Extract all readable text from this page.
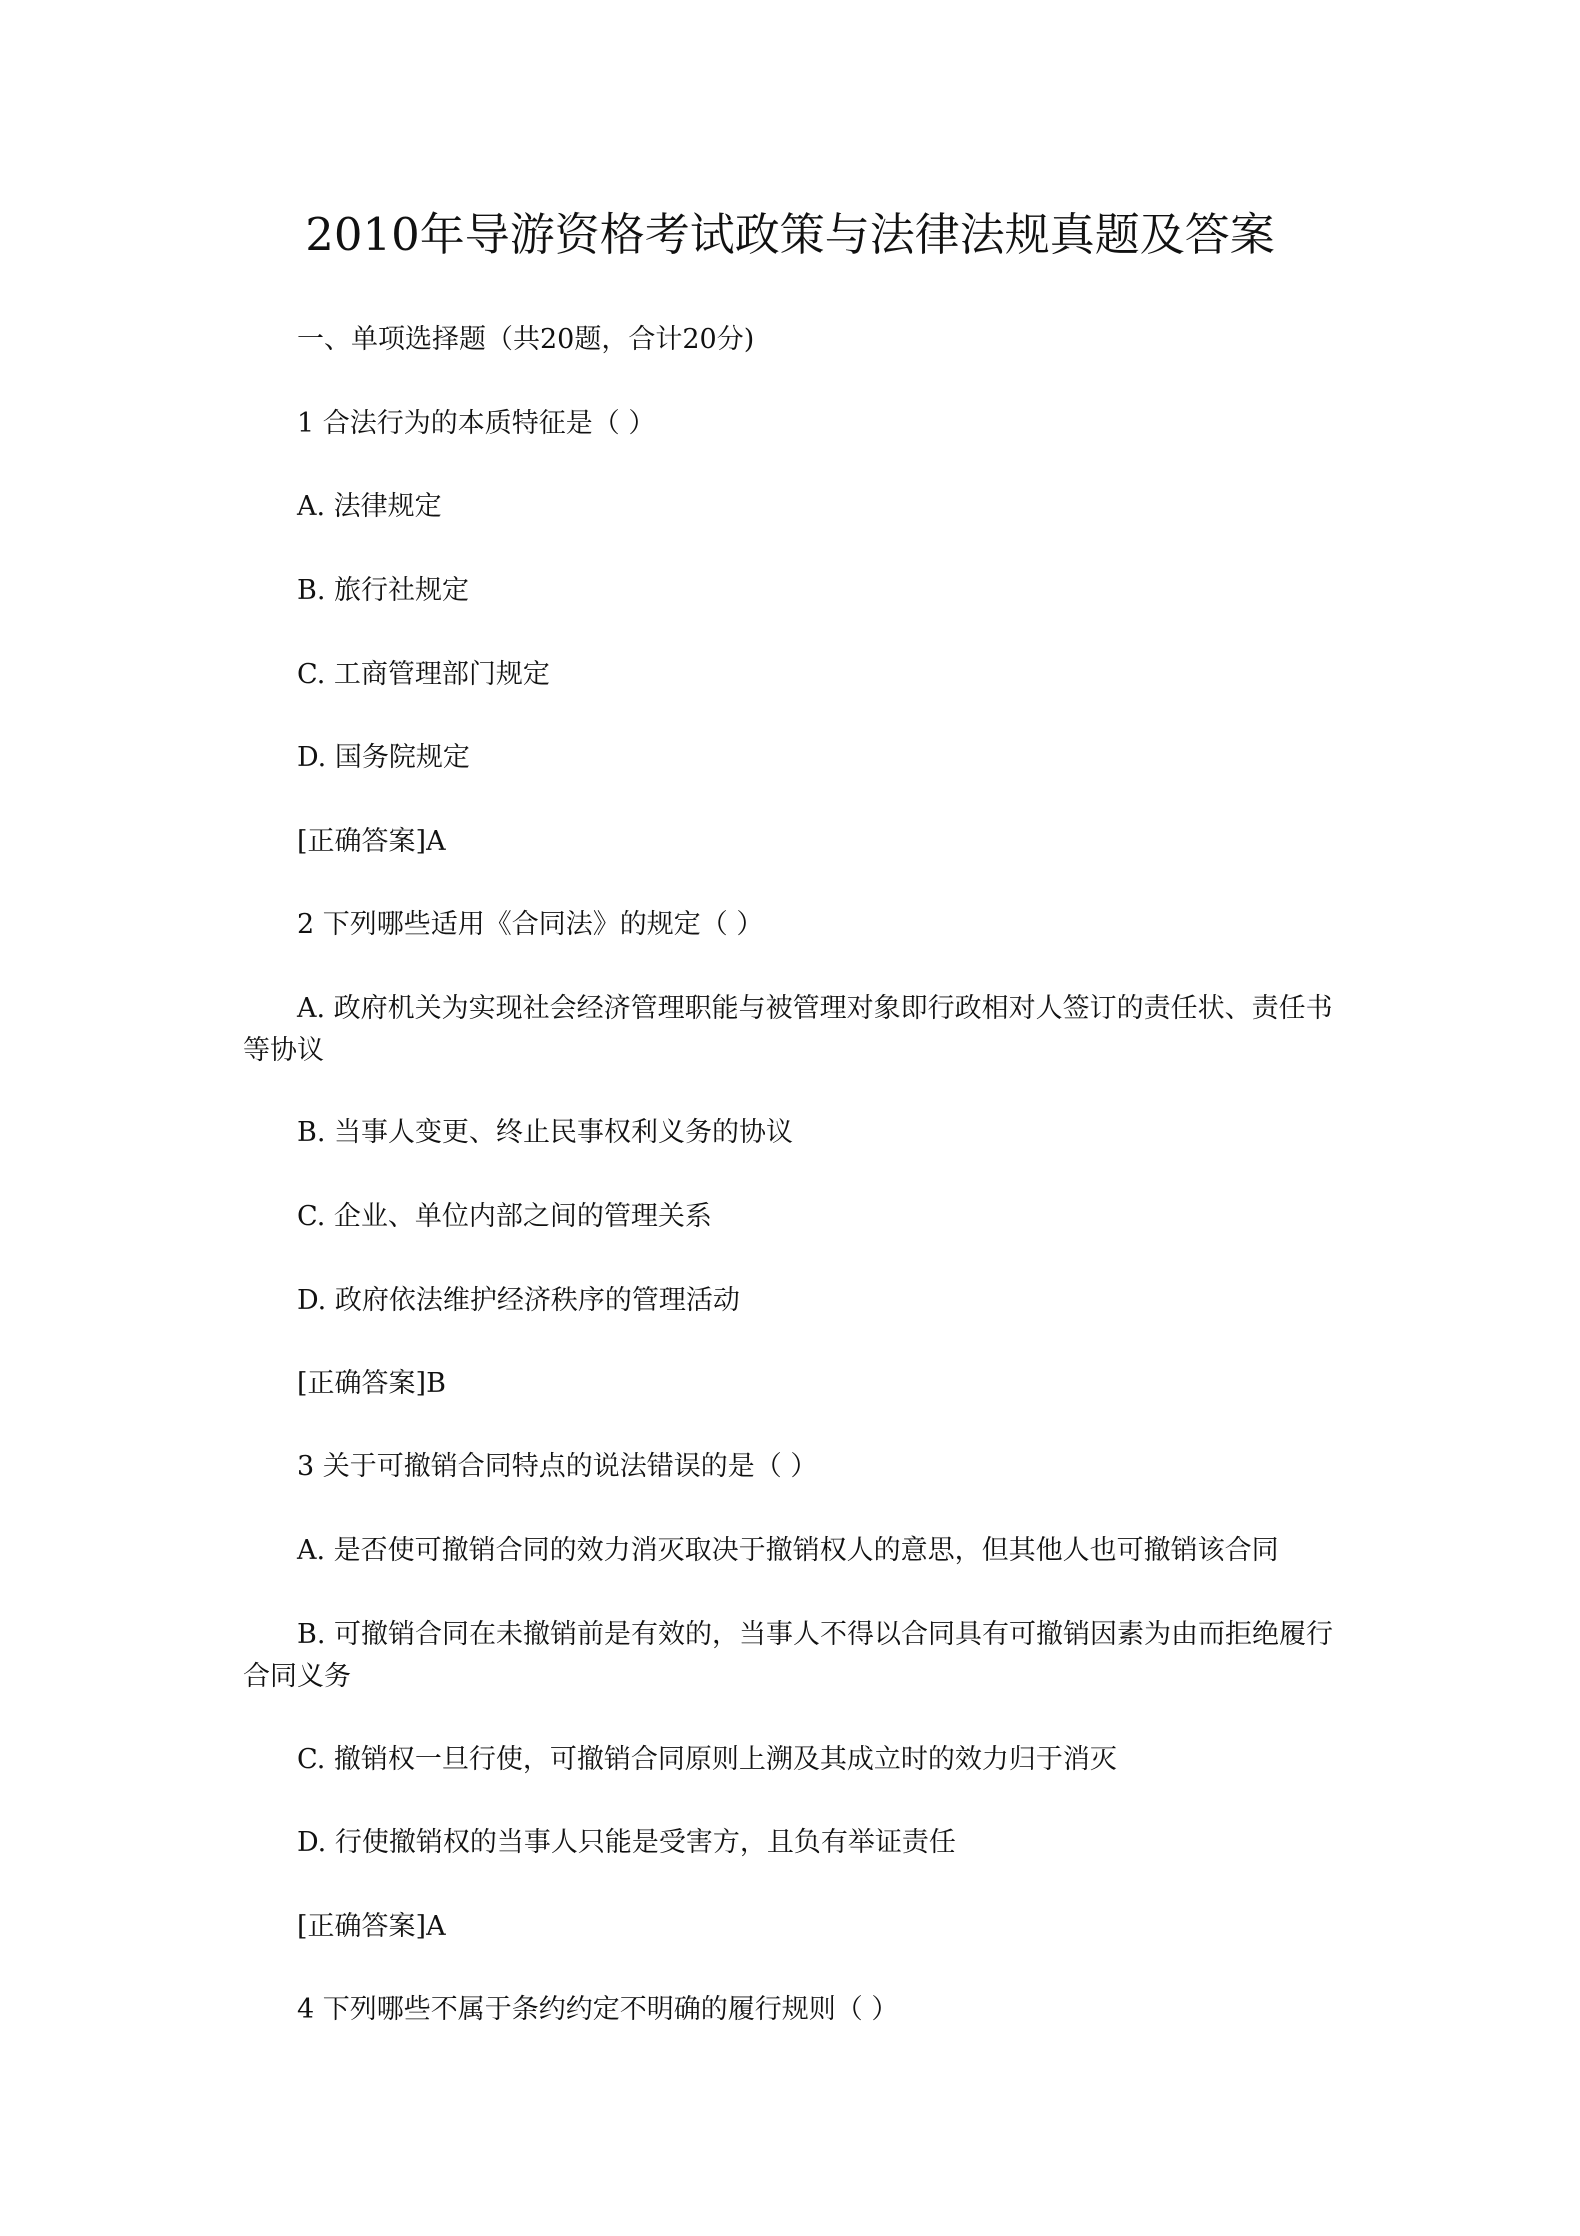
2010年导游资格考试政策与法律法规真题及答案

一、单项选择题（共20题，合计20分)

1 合法行为的本质特征是（ ）

A. 法律规定

B. 旅行社规定

C. 工商管理部门规定

D. 国务院规定

[正确答案]A

2 下列哪些适用《合同法》的规定（ ）

A. 政府机关为实现社会经济管理职能与被管理对象即行政相对人签订的责任状、责任书等协议

B. 当事人变更、终止民事权利义务的协议

C. 企业、单位内部之间的管理关系

D. 政府依法维护经济秩序的管理活动

[正确答案]B

3 关于可撤销合同特点的说法错误的是（ ）

A. 是否使可撤销合同的效力消灭取决于撤销权人的意思，但其他人也可撤销该合同

B. 可撤销合同在未撤销前是有效的，当事人不得以合同具有可撤销因素为由而拒绝履行合同义务

C. 撤销权一旦行使，可撤销合同原则上溯及其成立时的效力归于消灭

D. 行使撤销权的当事人只能是受害方，且负有举证责任

[正确答案]A

4 下列哪些不属于条约约定不明确的履行规则（ ）
